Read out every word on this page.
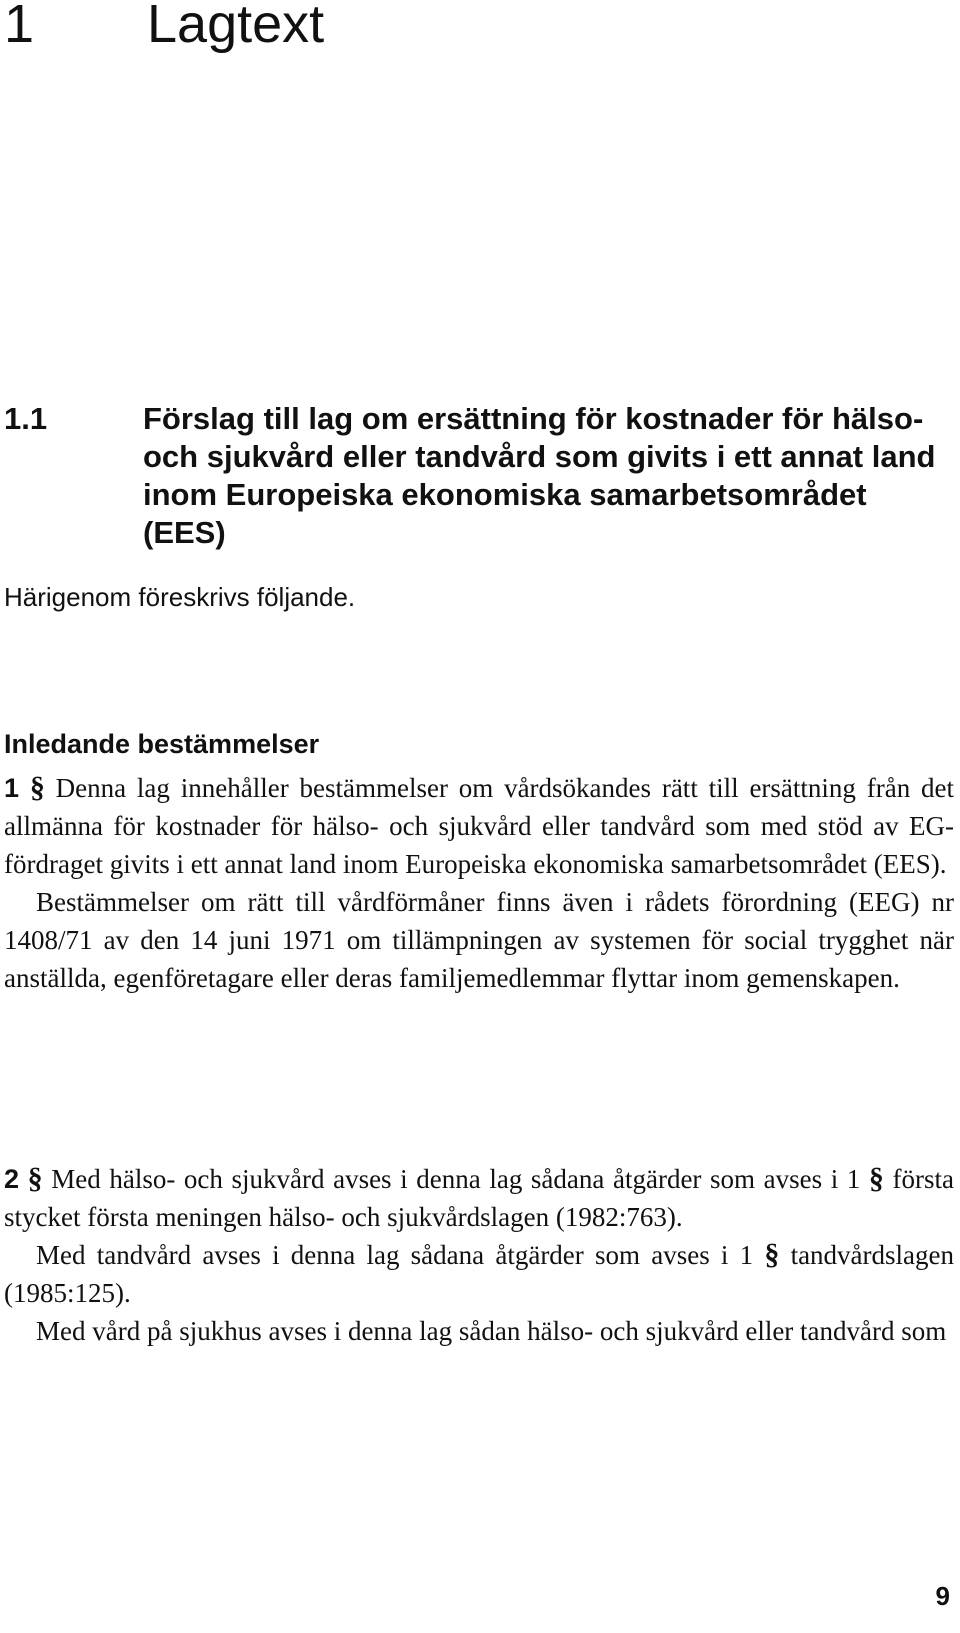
1 Lagtext
1.1	Förslag till lag om ersättning för kostnader för hälso- och sjukvård eller tandvård som givits i ett annat land inom Europeiska ekonomiska samarbetsområdet (EES)

Härigenom föreskrivs följande.

Inledande bestämmelser

1 § Denna lag innehåller bestämmelser om vårdsökandes rätt till ersättning från det allmänna för kostnader för hälso- och sjukvård eller tandvård som med stöd av EG-fördraget givits i ett annat land inom Europeiska ekonomiska samarbetsområdet (EES).

Bestämmelser om rätt till vårdförmåner finns även i rådets förordning (EEG) nr 1408/71 av den 14 juni 1971 om tillämpningen av systemen för social trygghet när anställda, egenföretagare eller deras familjemedlemmar flyttar inom gemenskapen.

2 § Med hälso- och sjukvård avses i denna lag sådana åtgärder som avses i 1 § första stycket första meningen hälso- och sjukvårdslagen (1982:763).

Med tandvård avses i denna lag sådana åtgärder som avses i 1 § tandvårdslagen (1985:125).

Med vård på sjukhus avses i denna lag sådan hälso- och sjukvård eller tandvård som

9
